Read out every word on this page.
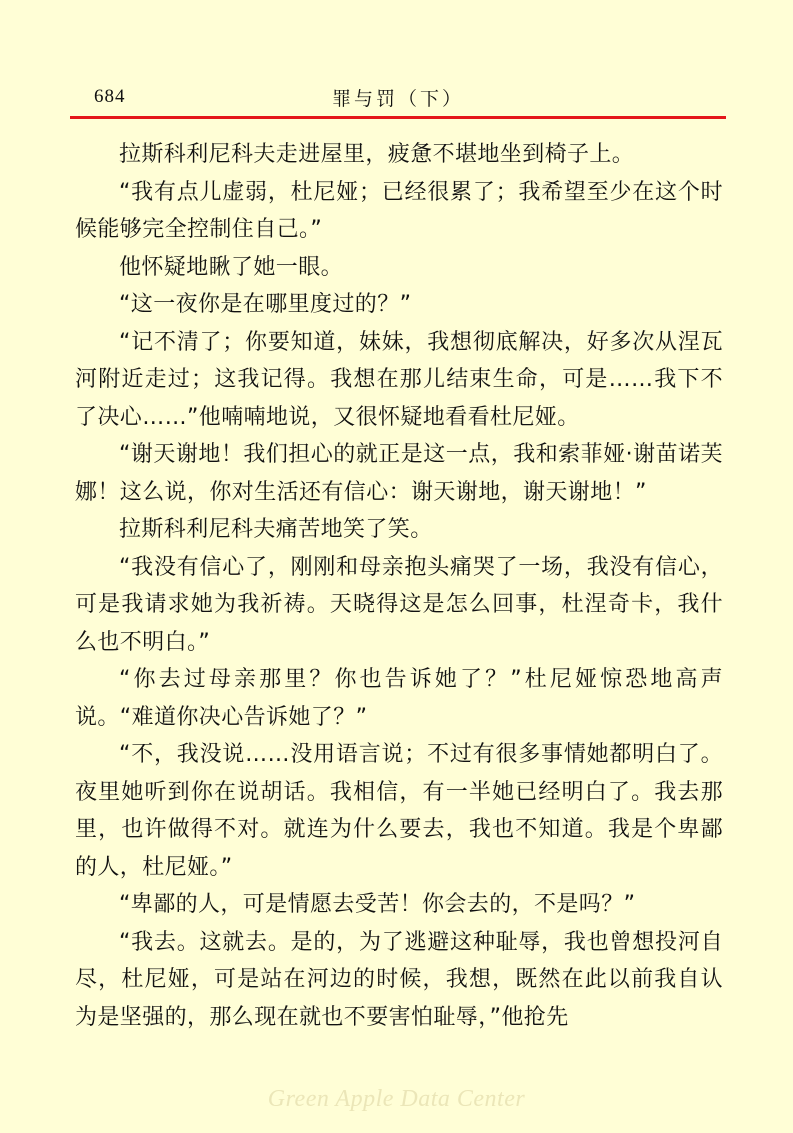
684	罪与罚（下）

拉斯科利尼科夫走进屋里，疲惫不堪地坐到椅子上。

“我有点儿虚弱，杜尼娅；已经很累了；我希望至少在这个时候能够完全控制住自己。”

他怀疑地瞅了她一眼。

“这一夜你是在哪里度过的？”

“记不清了；你要知道，妹妹，我想彻底解决，好多次从涅瓦河附近走过；这我记得。我想在那儿结束生命，可是……我下不了决心……”他喃喃地说，又很怀疑地看看杜尼娅。

“谢天谢地！我们担心的就正是这一点，我和索菲娅·谢苗诺芙娜！这么说，你对生活还有信心：谢天谢地，谢天谢地！”

拉斯科利尼科夫痛苦地笑了笑。

“我没有信心了，刚刚和母亲抱头痛哭了一场，我没有信心，可是我请求她为我祈祷。天晓得这是怎么回事，杜涅奇卡，我什么也不明白。”

“你去过母亲那里？你也告诉她了？”杜尼娅惊恐地高声说。“难道你决心告诉她了？”

“不，我没说……没用语言说；不过有很多事情她都明白了。夜里她听到你在说胡话。我相信，有一半她已经明白了。我去那里，也许做得不对。就连为什么要去，我也不知道。我是个卑鄙的人，杜尼娅。”

“卑鄙的人，可是情愿去受苦！你会去的，不是吗？”

“我去。这就去。是的，为了逃避这种耻辱，我也曾想投河自尽，杜尼娅，可是站在河边的时候，我想，既然在此以前我自认为是坚强的，那么现在就也不要害怕耻辱，”他抢先

Green Apple Data Center
